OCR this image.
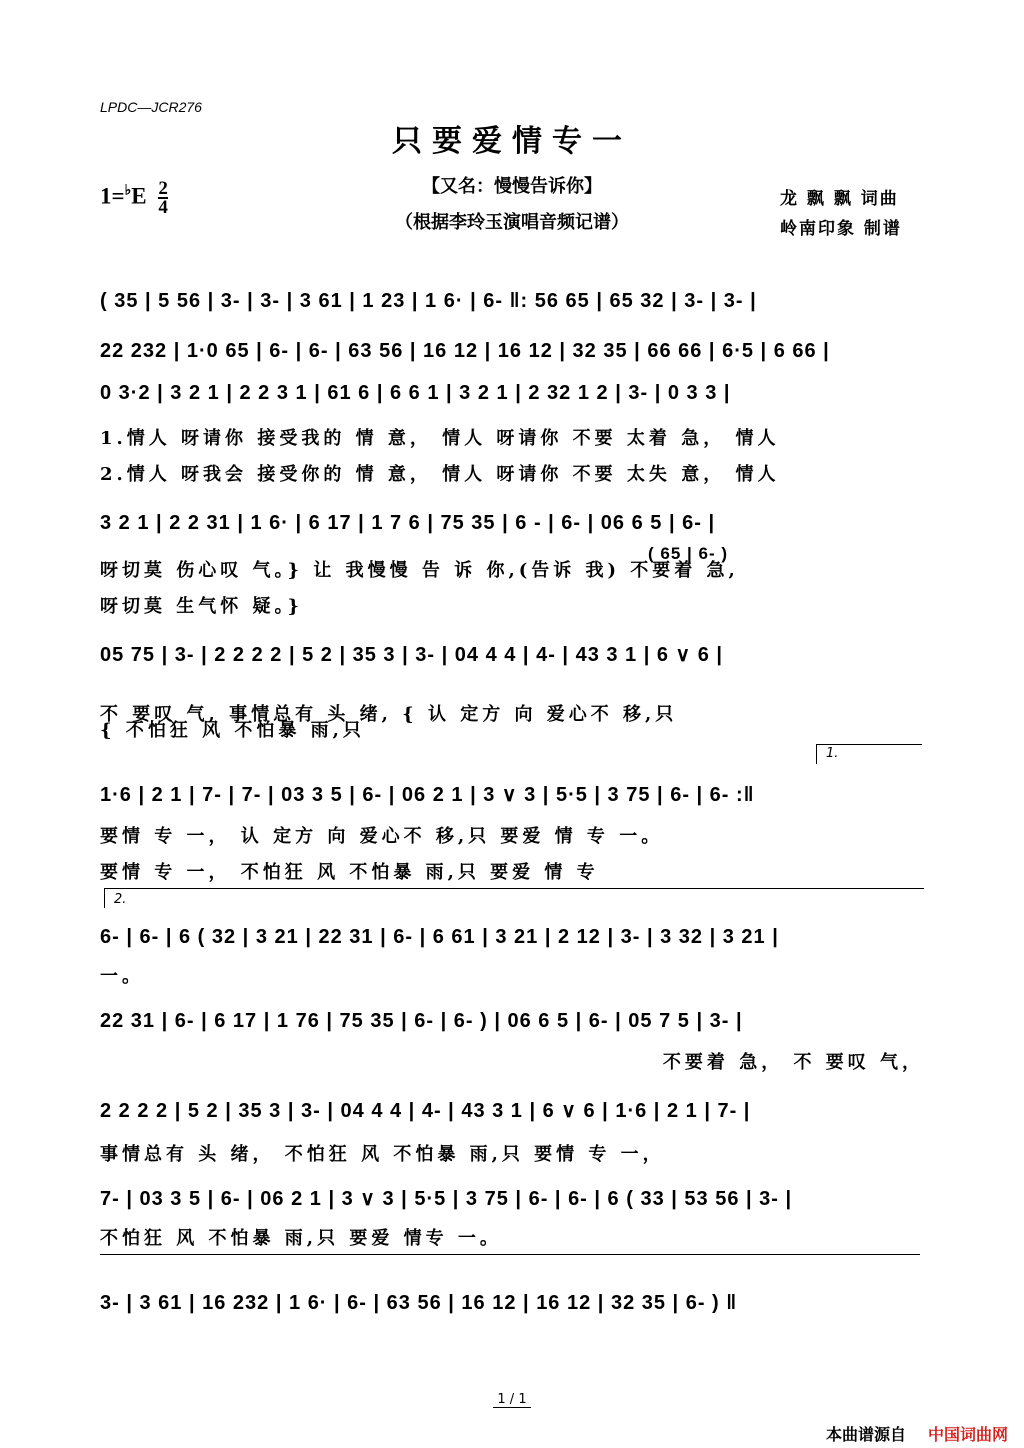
LPDC—JCR276
只要爱情专一
$1=^♭E \frac{2}{4}$	【又名：慢慢告诉你】
（根据李玲玉演唱音频记谱）
龙 飘 飘 词曲
岭南印象 制谱
( 35 | 5 56 | 3- | 3- | 3 61 | 1 23 | 1 6· | 6- ‖: 56 65 | 65 32 | 3- | 3- |
22 232 | 1·0 65 | 6- | 6- | 63 56 | 16 12 | 16 12 | 32 35 | 66 66 | 6·5 | 6 66 |
0 3·2 | 3 2 1 | 2 2 3 1 | 61 6 | 6 6 1 | 3 2 1 | 2 32 1 2 | 3- | 0 3 3 |
1.情人 呀请你 接受我的 情 意， 情人 呀请你 不要 太着 急， 情人
2.情人 呀我会 接受你的 情 意， 情人 呀请你 不要 太失 意， 情人
3 2 1 | 2 2 31 | 1 6· | 6 17 | 1 7 6 | 75 35 | 6 - | 6- | 06 6 5 | 6- |
( 65 | 6- )
呀切莫 伤心叹 气。} 让 我慢慢 告 诉 你,(告诉 我) 不要着 急,
呀切莫 生气怀 疑。}
05 75 | 3- | 2 2 2 2 | 5 2 | 35 3 | 3- | 04 4 4 | 4- | 43 3 1 | 6 ∨ 6 |
不 要叹 气, 事情总有 头 绪, { 认 定方 向 爱心不 移,只
{ 不怕狂 风 不怕暴 雨,只
1.
1·6 | 2 1 | 7- | 7- | 03 3 5 | 6- | 06 2 1 | 3 ∨ 3 | 5·5 | 3 75 | 6- | 6- :‖
要情 专 一， 认 定方 向 爱心不 移,只 要爱 情 专 一。
要情 专 一， 不怕狂 风 不怕暴 雨,只 要爱 情 专
2.
6- | 6- | 6 ( 32 | 3 21 | 22 31 | 6- | 6 61 | 3 21 | 2 12 | 3- | 3 32 | 3 21 |
一。
22 31 | 6- | 6 17 | 1 76 | 75 35 | 6- | 6- ) | 06 6 5 | 6- | 05 7 5 | 3- |
不要着 急， 不 要叹 气，
2 2 2 2 | 5 2 | 35 3 | 3- | 04 4 4 | 4- | 43 3 1 | 6 ∨ 6 | 1·6 | 2 1 | 7- |
事情总有 头 绪， 不怕狂 风 不怕暴 雨,只 要情 专 一，
7- | 03 3 5 | 6- | 06 2 1 | 3 ∨ 3 | 5·5 | 3 75 | 6- | 6- | 6 ( 33 | 53 56 | 3- |
不怕狂 风 不怕暴 雨,只 要爱 情专 一。
3- | 3 61 | 16 232 | 1 6· | 6- | 63 56 | 16 12 | 16 12 | 32 35 | 6- ) ‖
1 / 1
本曲谱源自 中国词曲网
